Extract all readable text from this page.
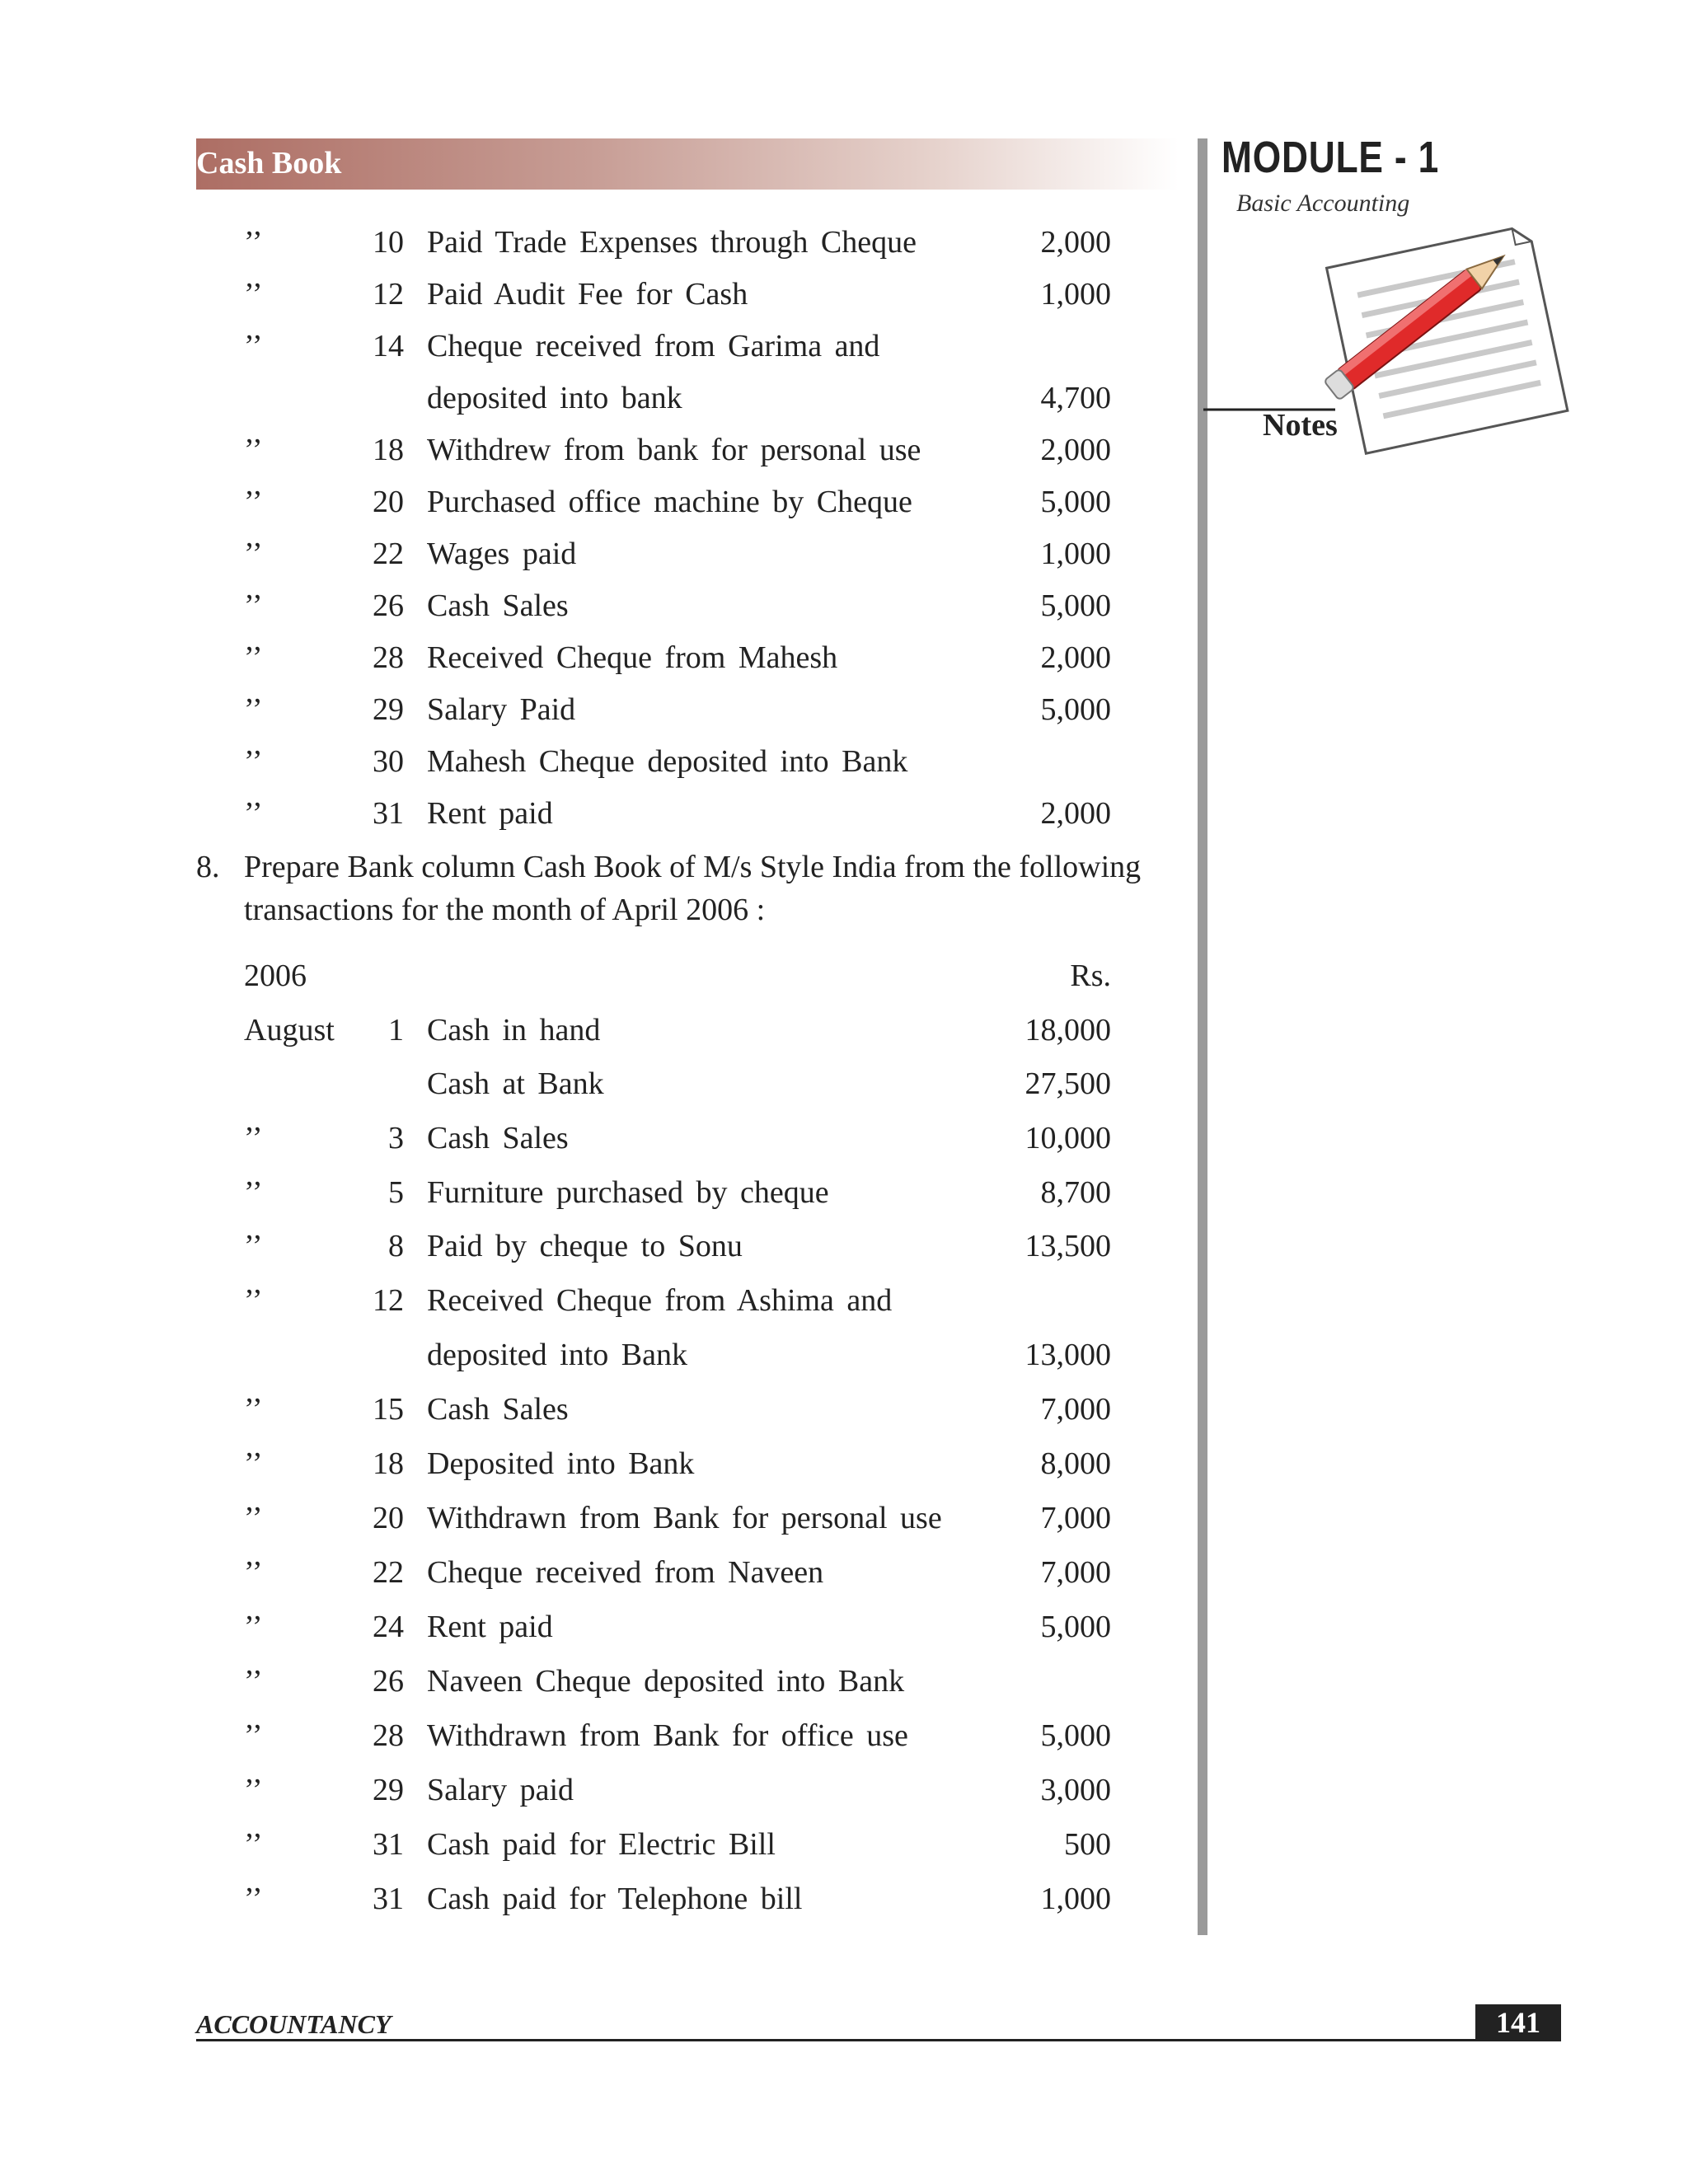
Cash Book	MODULE - 1
Basic Accounting
Notes
’’	10 Paid Trade Expenses through Cheque	2,000
’’	12 Paid Audit Fee for Cash	1,000
’’	14 Cheque received from Garima and
deposited into bank	4,700
’’	18 Withdrew from bank for personal use	2,000
’’	20 Purchased office machine by Cheque	5,000
’’	22 Wages paid	1,000
’’	26 Cash Sales	5,000
’’	28 Received Cheque from Mahesh	2,000
’’	29 Salary Paid	5,000
’’	30 Mahesh Cheque deposited into Bank
’’	31 Rent paid	2,000
8. Prepare Bank column Cash Book of M/s Style India from the following
transactions for the month of April 2006 :
2006	Rs.
August	1 Cash in hand	18,000
Cash at Bank	27,500
’’	3 Cash Sales	10,000
’’	5 Furniture purchased by cheque	8,700
’’	8 Paid by cheque to Sonu	13,500
’’	12 Received Cheque from Ashima and
deposited into Bank	13,000
’’	15 Cash Sales	7,000
’’	18 Deposited into Bank	8,000
’’	20 Withdrawn from Bank for personal use	7,000
’’	22 Cheque received from Naveen	7,000
’’	24 Rent paid	5,000
’’	26 Naveen Cheque deposited into Bank
’’	28 Withdrawn from Bank for office use	5,000
’’	29 Salary paid	3,000
’’	31 Cash paid for Electric Bill	500
’’	31 Cash paid for Telephone bill	1,000
ACCOUNTANCY	141
